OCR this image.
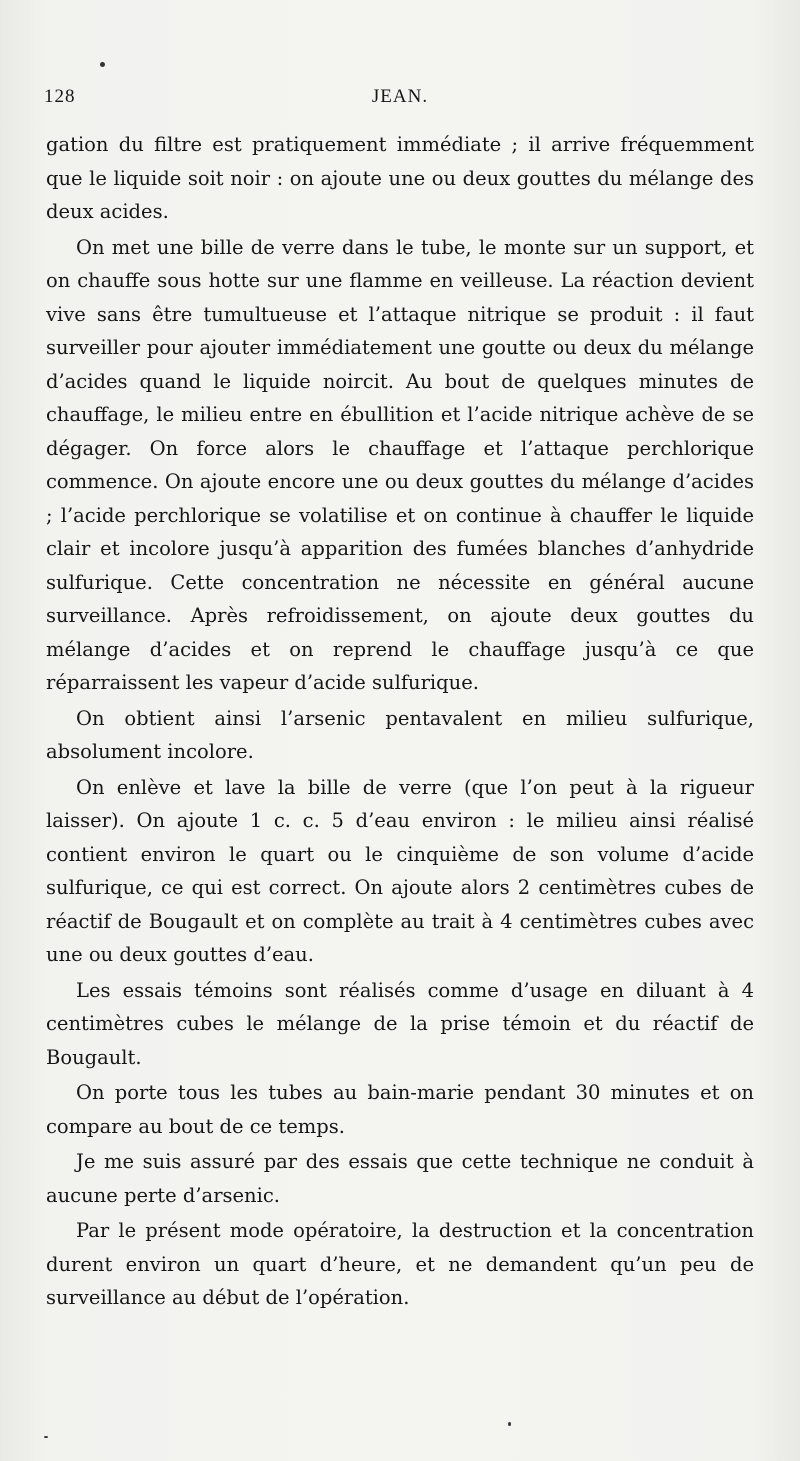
128	JEAN.

gation du filtre est pratiquement immédiate ; il arrive fréquemment que le liquide soit noir : on ajoute une ou deux gouttes du mélange des deux acides.

On met une bille de verre dans le tube, le monte sur un support, et on chauffe sous hotte sur une flamme en veilleuse. La réaction devient vive sans être tumultueuse et l’attaque nitrique se produit : il faut surveiller pour ajouter immédiatement une goutte ou deux du mélange d’acides quand le liquide noircit. Au bout de quelques minutes de chauffage, le milieu entre en ébullition et l’acide nitrique achève de se dégager. On force alors le chauffage et l’attaque perchlorique commence. On ajoute encore une ou deux gouttes du mélange d’acides ; l’acide perchlorique se volatilise et on continue à chauffer le liquide clair et incolore jusqu’à apparition des fumées blanches d’anhydride sulfurique. Cette concentration ne nécessite en général aucune surveillance. Après refroidissement, on ajoute deux gouttes du mélange d’acides et on reprend le chauffage jusqu’à ce que réparraissent les vapeur d’acide sulfurique.

On obtient ainsi l’arsenic pentavalent en milieu sulfurique, absolument incolore.

On enlève et lave la bille de verre (que l’on peut à la rigueur laisser). On ajoute 1 c. c. 5 d’eau environ : le milieu ainsi réalisé contient environ le quart ou le cinquième de son volume d’acide sulfurique, ce qui est correct. On ajoute alors 2 centimètres cubes de réactif de Bougault et on complète au trait à 4 centimètres cubes avec une ou deux gouttes d’eau.

Les essais témoins sont réalisés comme d’usage en diluant à 4 centimètres cubes le mélange de la prise témoin et du réactif de Bougault.

On porte tous les tubes au bain-marie pendant 30 minutes et on compare au bout de ce temps.

Je me suis assuré par des essais que cette technique ne conduit à aucune perte d’arsenic.

Par le présent mode opératoire, la destruction et la concentration durent environ un quart d’heure, et ne demandent qu’un peu de surveillance au début de l’opération.
